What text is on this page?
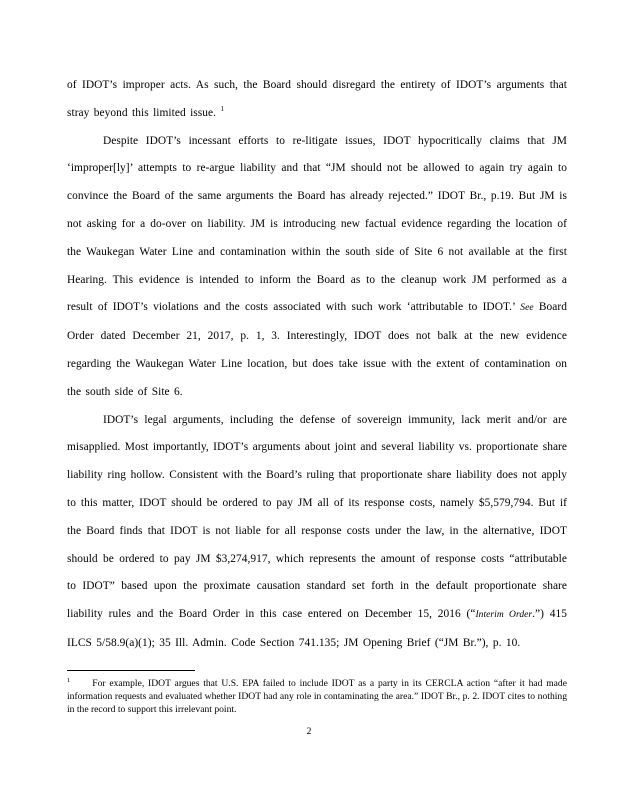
of IDOT’s improper acts. As such, the Board should disregard the entirety of IDOT’s arguments that stray beyond this limited issue. $^1$

Despite IDOT’s incessant efforts to re-litigate issues, IDOT hypocritically claims that JM ‘improper[ly]’ attempts to re-argue liability and that “JM should not be allowed to again try again to convince the Board of the same arguments the Board has already rejected.” IDOT Br., p.19. But JM is not asking for a do-over on liability. JM is introducing new factual evidence regarding the location of the Waukegan Water Line and contamination within the south side of Site 6 not available at the first Hearing. This evidence is intended to inform the Board as to the cleanup work JM performed as a result of IDOT’s violations and the costs associated with such work ‘attributable to IDOT.’ See Board Order dated December 21, 2017, p. 1, 3. Interestingly, IDOT does not balk at the new evidence regarding the Waukegan Water Line location, but does take issue with the extent of contamination on the south side of Site 6.

IDOT’s legal arguments, including the defense of sovereign immunity, lack merit and/or are misapplied. Most importantly, IDOT’s arguments about joint and several liability vs. proportionate share liability ring hollow. Consistent with the Board’s ruling that proportionate share liability does not apply to this matter, IDOT should be ordered to pay JM all of its response costs, namely $5,579,794. But if the Board finds that IDOT is not liable for all response costs under the law, in the alternative, IDOT should be ordered to pay JM $3,274,917, which represents the amount of response costs “attributable to IDOT” based upon the proximate causation standard set forth in the default proportionate share liability rules and the Board Order in this case entered on December 15, 2016 (“Interim Order.”) 415 ILCS 5/58.9(a)(1); 35 Ill. Admin. Code Section 741.135; JM Opening Brief (“JM Br.”), p. 10.

$^1$ For example, IDOT argues that U.S. EPA failed to include IDOT as a party in its CERCLA action “after it had made information requests and evaluated whether IDOT had any role in contaminating the area.” IDOT Br., p. 2. IDOT cites to nothing in the record to support this irrelevant point.
2
